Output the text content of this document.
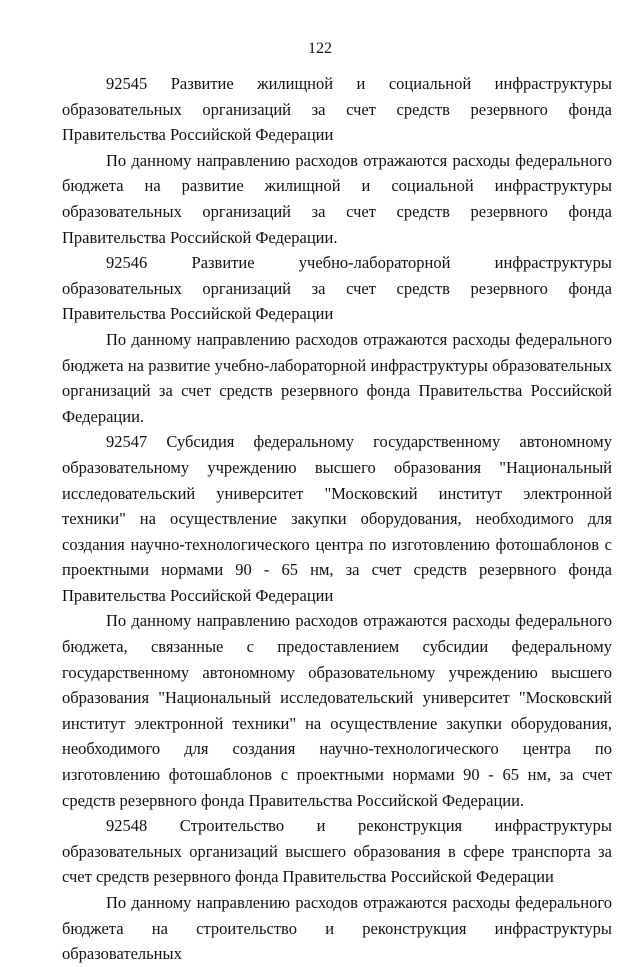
122

92545 Развитие жилищной и социальной инфраструктуры образовательных организаций за счет средств резервного фонда Правительства Российской Федерации

По данному направлению расходов отражаются расходы федерального бюджета на развитие жилищной и социальной инфраструктуры образовательных организаций за счет средств резервного фонда Правительства Российской Федерации.

92546 Развитие учебно-лабораторной инфраструктуры образовательных организаций за счет средств резервного фонда Правительства Российской Федерации

По данному направлению расходов отражаются расходы федерального бюджета на развитие учебно-лабораторной инфраструктуры образовательных организаций за счет средств резервного фонда Правительства Российской Федерации.

92547 Субсидия федеральному государственному автономному образовательному учреждению высшего образования "Национальный исследовательский университет "Московский институт электронной техники" на осуществление закупки оборудования, необходимого для создания научно-технологического центра по изготовлению фотошаблонов с проектными нормами 90 - 65 нм, за счет средств резервного фонда Правительства Российской Федерации

По данному направлению расходов отражаются расходы федерального бюджета, связанные с предоставлением субсидии федеральному государственному автономному образовательному учреждению высшего образования "Национальный исследовательский университет "Московский институт электронной техники" на осуществление закупки оборудования, необходимого для создания научно-технологического центра по изготовлению фотошаблонов с проектными нормами 90 - 65 нм, за счет средств резервного фонда Правительства Российской Федерации.

92548 Строительство и реконструкция инфраструктуры образовательных организаций высшего образования в сфере транспорта за счет средств резервного фонда Правительства Российской Федерации

По данному направлению расходов отражаются расходы федерального бюджета на строительство и реконструкция инфраструктуры образовательных
